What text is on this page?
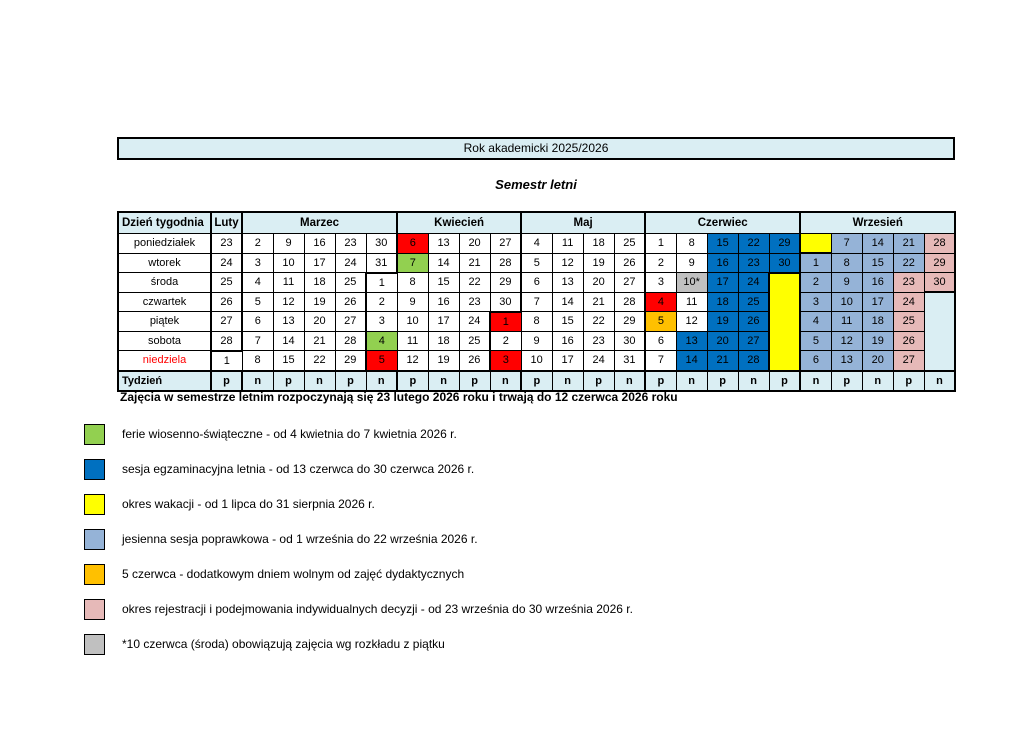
Rok akademicki 2025/2026
Semestr letni
Dzień tygodnia	Luty	Marzec					Kwiecień				Maj				Czerwiec					Wrzesień				
poniedziałek	23	2	9	16	23	30	6	13	20	27	4	11	18	25	1	8	15	22	29		7	14	21	28
wtorek	24	3	10	17	24	31	7	14	21	28	5	12	19	26	2	9	16	23	30	1	8	15	22	29
środa	25	4	11	18	25	1	8	15	22	29	6	13	20	27	3	10*	17	24		2	9	16	23	30
czwartek	26	5	12	19	26	2	9	16	23	30	7	14	21	28	4	11	18	25		3	10	17	24	
piątek	27	6	13	20	27	3	10	17	24	1	8	15	22	29	5	12	19	26		4	11	18	25	
sobota	28	7	14	21	28	4	11	18	25	2	9	16	23	30	6	13	20	27		5	12	19	26	
niedziela	1	8	15	22	29	5	12	19	26	3	10	17	24	31	7	14	21	28		6	13	20	27	
Tydzień	p	n	p	n	p	n	p	n	p	n	p	n	p	n	p	n	p	n	p	n	p	n	p	n
Zajęcia w semestrze letnim rozpoczynają się 23 lutego 2026 roku i trwają do 12 czerwca 2026 roku
ferie wiosenno-świąteczne - od 4 kwietnia do 7 kwietnia 2026 r.
sesja egzaminacyjna letnia - od 13 czerwca do 30 czerwca 2026 r.
okres wakacji - od 1 lipca do 31 sierpnia 2026 r.
jesienna sesja poprawkowa - od 1 września do 22 września 2026 r.
5 czerwca - dodatkowym dniem wolnym od zajęć dydaktycznych
okres rejestracji i podejmowania indywidualnych decyzji - od 23 września do 30 września 2026 r.
*10 czerwca (środa) obowiązują zajęcia wg rozkładu z piątku
